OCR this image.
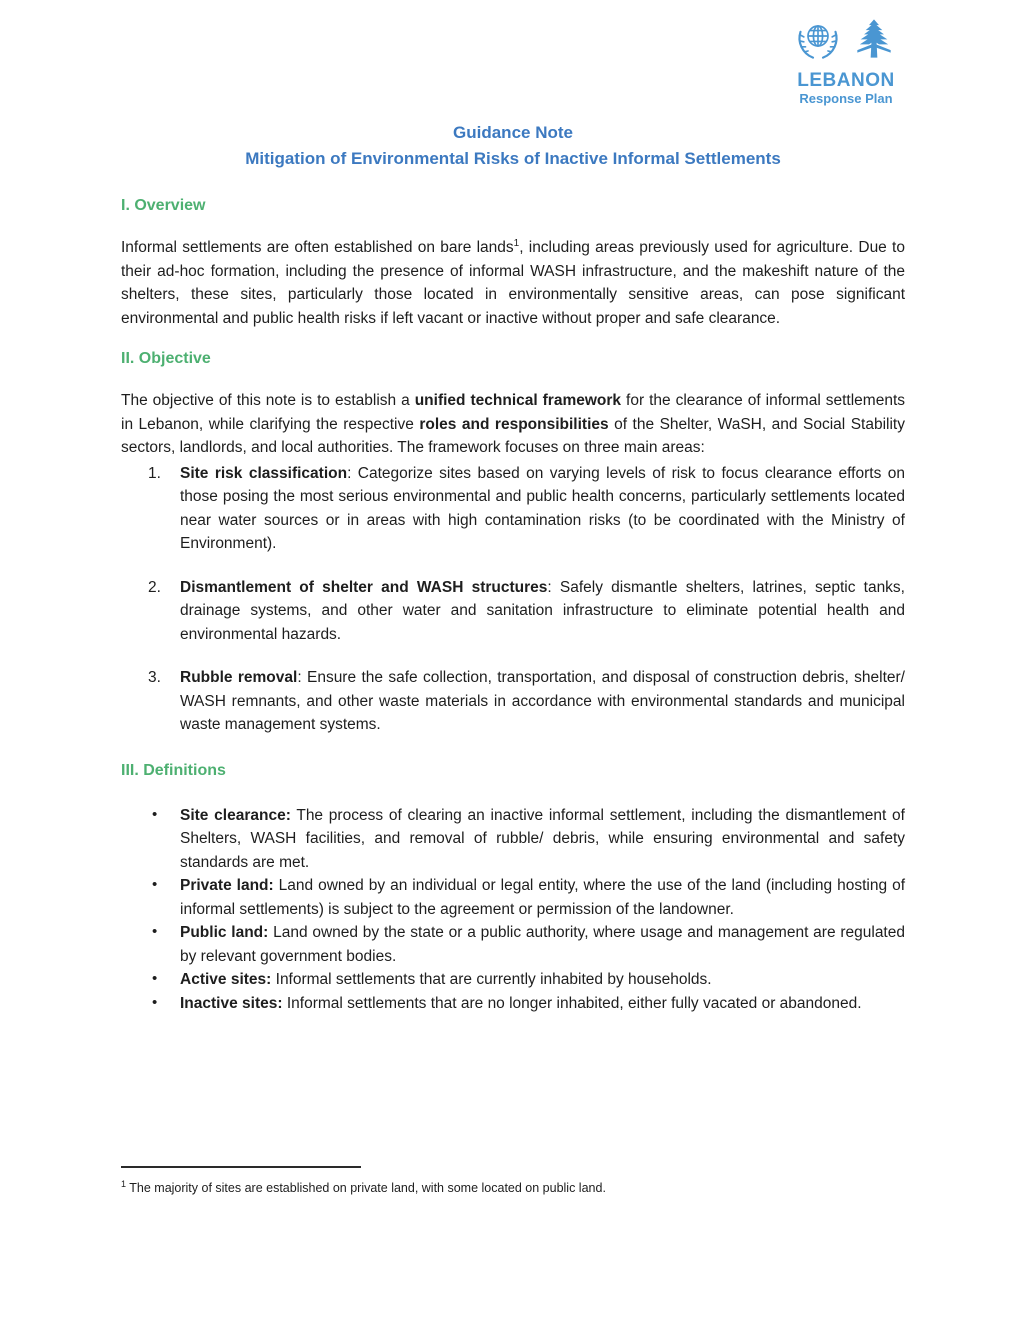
LEBANON
Response Plan
Guidance Note
Mitigation of Environmental Risks of Inactive Informal Settlements
I. Overview

Informal settlements are often established on bare lands$^1$, including areas previously used for agriculture. Due to their ad-hoc formation, including the presence of informal WASH infrastructure, and the makeshift nature of the shelters, these sites, particularly those located in environmentally sensitive areas, can pose significant environmental and public health risks if left vacant or inactive without proper and safe clearance.

II. Objective

The objective of this note is to establish a unified technical framework for the clearance of informal settlements in Lebanon, while clarifying the respective roles and responsibilities of the Shelter, WaSH, and Social Stability sectors, landlords, and local authorities. The framework focuses on three main areas:

1. Site risk classification: Categorize sites based on varying levels of risk to focus clearance efforts on those posing the most serious environmental and public health concerns, particularly settlements located near water sources or in areas with high contamination risks (to be coordinated with the Ministry of Environment).
2. Dismantlement of shelter and WASH structures: Safely dismantle shelters, latrines, septic tanks, drainage systems, and other water and sanitation infrastructure to eliminate potential health and environmental hazards.
3. Rubble removal: Ensure the safe collection, transportation, and disposal of construction debris, shelter/ WASH remnants, and other waste materials in accordance with environmental standards and municipal waste management systems.
III. Definitions
• Site clearance: The process of clearing an inactive informal settlement, including the dismantlement of Shelters, WASH facilities, and removal of rubble/ debris, while ensuring environmental and safety standards are met.
• Private land: Land owned by an individual or legal entity, where the use of the land (including hosting of informal settlements) is subject to the agreement or permission of the landowner.
• Public land: Land owned by the state or a public authority, where usage and management are regulated by relevant government bodies.
• Active sites: Informal settlements that are currently inhabited by households.
• Inactive sites: Informal settlements that are no longer inhabited, either fully vacated or abandoned.

$^1$ The majority of sites are established on private land, with some located on public land.
